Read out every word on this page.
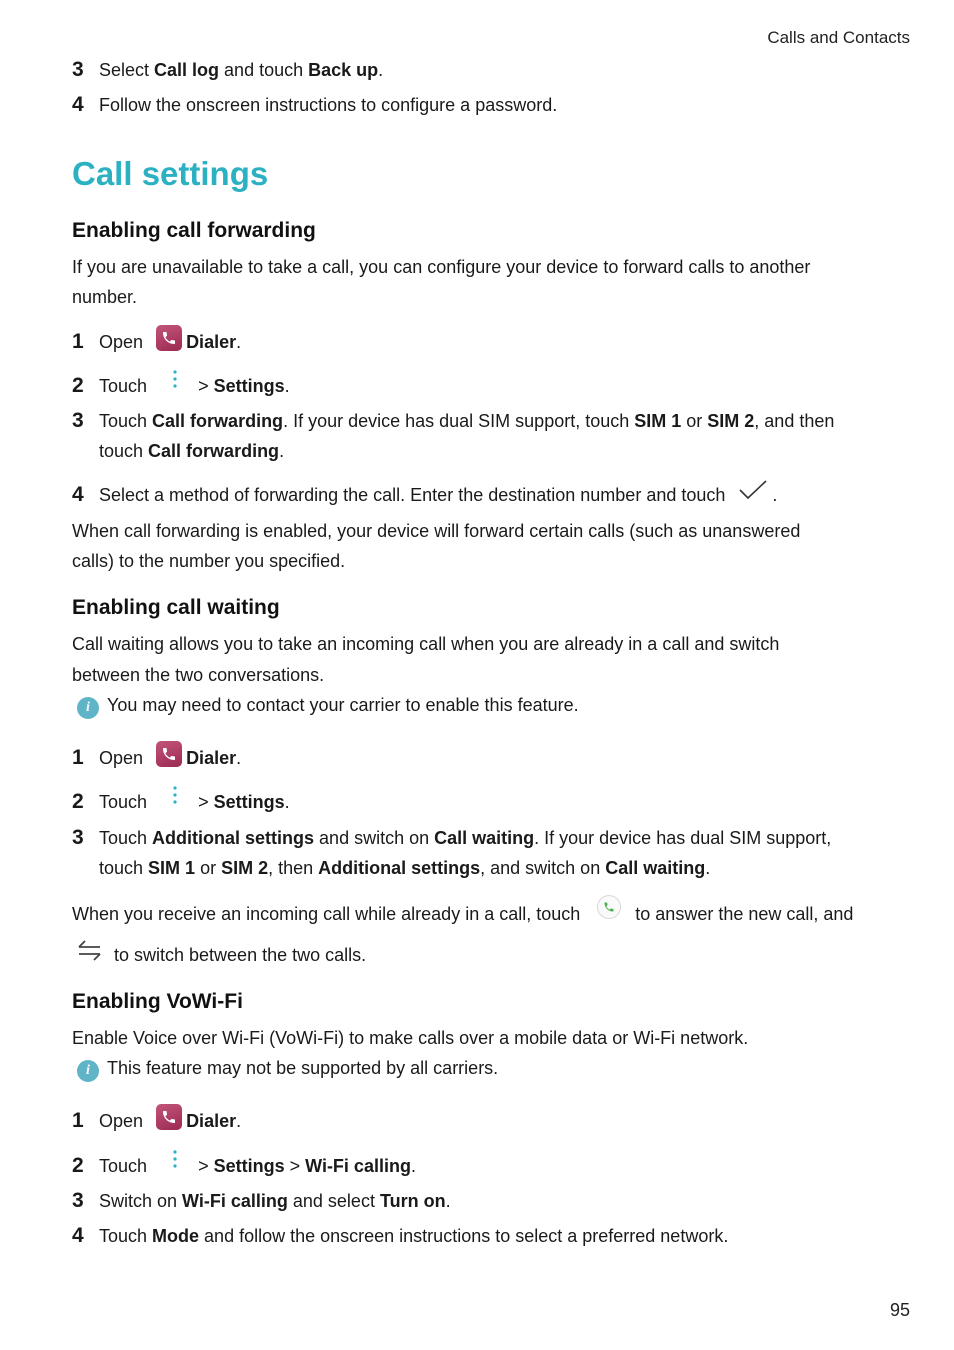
Calls and Contacts
95
3 Select Call log and touch Back up.
4 Follow the onscreen instructions to configure a password.
Call settings
Enabling call forwarding
If you are unavailable to take a call, you can configure your device to forward calls to another
number.
1 Open Dialer.
2 Touch	> Settings.
3 Touch Call forwarding. If your device has dual SIM support, touch SIM 1 or SIM 2, and then
touch Call forwarding.
4 Select a method of forwarding the call. Enter the destination number and touch	.
When call forwarding is enabled, your device will forward certain calls (such as unanswered
calls) to the number you specified.
Enabling call waiting
Call waiting allows you to take an incoming call when you are already in a call and switch
between the two conversations.
i You may need to contact your carrier to enable this feature.
1 Open Dialer.
2 Touch	> Settings.
3 Touch Additional settings and switch on Call waiting. If your device has dual SIM support,
touch SIM 1 or SIM 2, then Additional settings, and switch on Call waiting.
When you receive an incoming call while already in a call, touch	to answer the new call, and
to switch between the two calls.
Enabling VoWi-Fi
Enable Voice over Wi-Fi (VoWi-Fi) to make calls over a mobile data or Wi-Fi network.
i This feature may not be supported by all carriers.
1 Open Dialer.
2 Touch	> Settings > Wi-Fi calling.
3 Switch on Wi-Fi calling and select Turn on.
4 Touch Mode and follow the onscreen instructions to select a preferred network.
